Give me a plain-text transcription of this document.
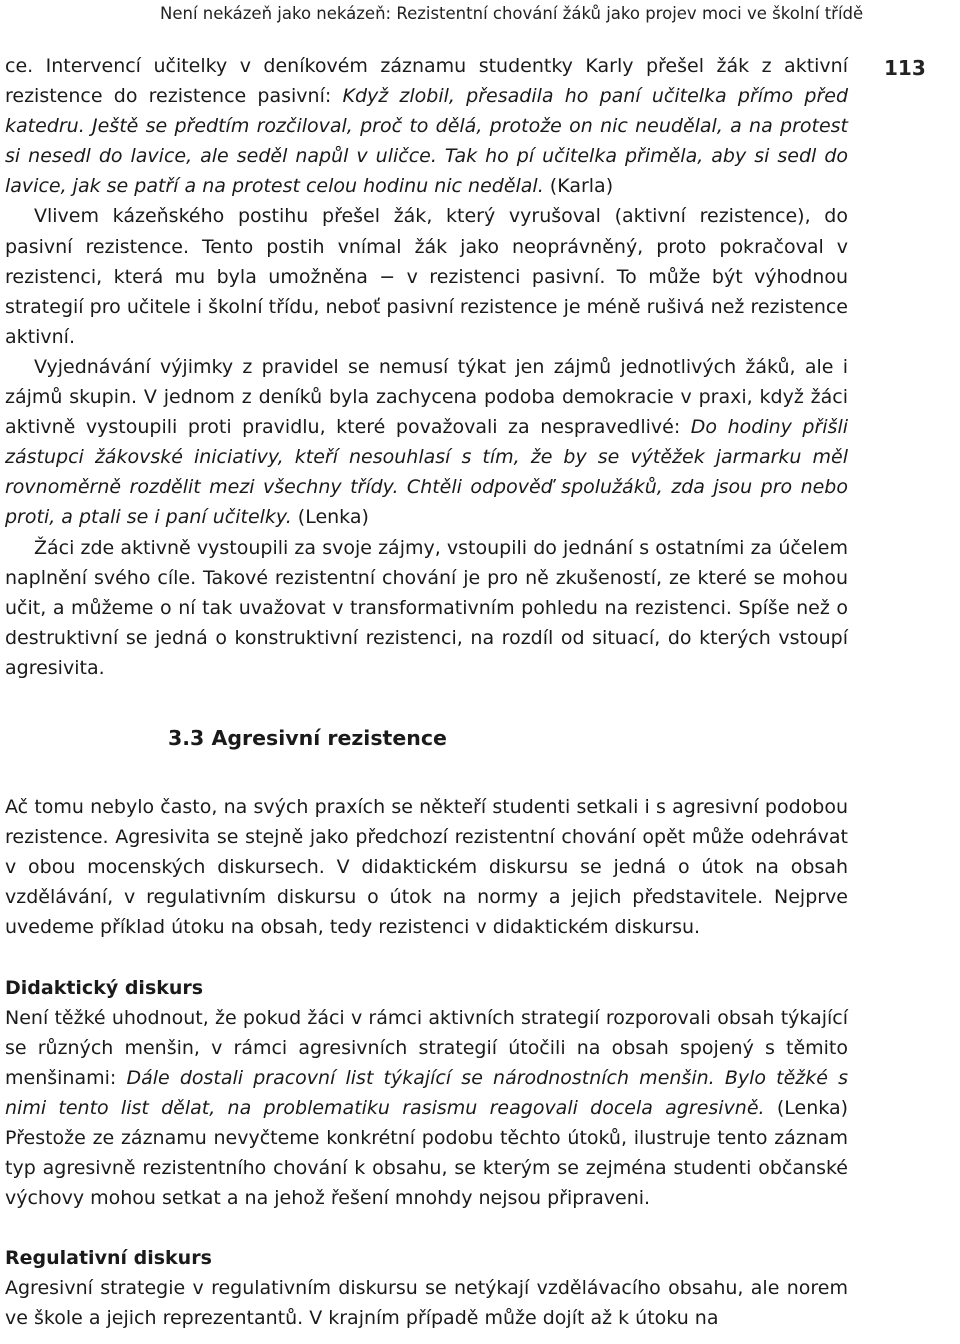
Není nekázeň jako nekázeň: Rezistentní chování žáků jako projev moci ve školní třídě
113

ce. Intervencí učitelky v deníkovém záznamu studentky Karly přešel žák z aktivní rezistence do rezistence pasivní: Když zlobil, přesadila ho paní učitelka přímo před katedru. Ještě se předtím rozčiloval, proč to dělá, protože on nic neudělal, a na protest si nesedl do lavice, ale seděl napůl v uličce. Tak ho pí učitelka přiměla, aby si sedl do lavice, jak se patří a na protest celou hodinu nic nedělal. (Karla)

Vlivem kázeňského postihu přešel žák, který vyrušoval (aktivní rezistence), do pasivní rezistence. Tento postih vnímal žák jako neoprávněný, proto pokračoval v rezistenci, která mu byla umožněna − v rezistenci pasivní. To může být výhodnou strategií pro učitele i školní třídu, neboť pasivní rezistence je méně rušivá než rezistence aktivní.

Vyjednávání výjimky z pravidel se nemusí týkat jen zájmů jednotlivých žáků, ale i zájmů skupin. V jednom z deníků byla zachycena podoba demokracie v praxi, když žáci aktivně vystoupili proti pravidlu, které považovali za nespravedlivé: Do hodiny přišli zástupci žákovské iniciativy, kteří nesouhlasí s tím, že by se výtěžek jarmarku měl rovnoměrně rozdělit mezi všechny třídy. Chtěli odpověď spolužáků, zda jsou pro nebo proti, a ptali se i paní učitelky. (Lenka)

Žáci zde aktivně vystoupili za svoje zájmy, vstoupili do jednání s ostatními za účelem naplnění svého cíle. Takové rezistentní chování je pro ně zkušeností, ze které se mohou učit, a můžeme o ní tak uvažovat v transformativním pohledu na rezistenci. Spíše než o destruktivní se jedná o konstruktivní rezistenci, na rozdíl od situací, do kterých vstoupí agresivita.

3.3 Agresivní rezistence

Ač tomu nebylo často, na svých praxích se někteří studenti setkali i s agresivní podobou rezistence. Agresivita se stejně jako předchozí rezistentní chování opět může odehrávat v obou mocenských diskursech. V didaktickém diskursu se jedná o útok na obsah vzdělávání, v regulativním diskursu o útok na normy a jejich představitele. Nejprve uvedeme příklad útoku na obsah, tedy rezistenci v didaktickém diskursu.

Didaktický diskurs

Není těžké uhodnout, že pokud žáci v rámci aktivních strategií rozporovali obsah týkající se různých menšin, v rámci agresivních strategií útočili na obsah spojený s těmito menšinami: Dále dostali pracovní list týkající se národnostních menšin. Bylo těžké s nimi tento list dělat, na problematiku rasismu reagovali docela agresivně. (Lenka) Přestože ze záznamu nevyčteme konkrétní podobu těchto útoků, ilustruje tento záznam typ agresivně rezistentního chování k obsahu, se kterým se zejména studenti občanské výchovy mohou setkat a na jehož řešení mnohdy nejsou připraveni.

Regulativní diskurs

Agresivní strategie v regulativním diskursu se netýkají vzdělávacího obsahu, ale norem ve škole a jejich reprezentantů. V krajním případě může dojít až k útoku na
